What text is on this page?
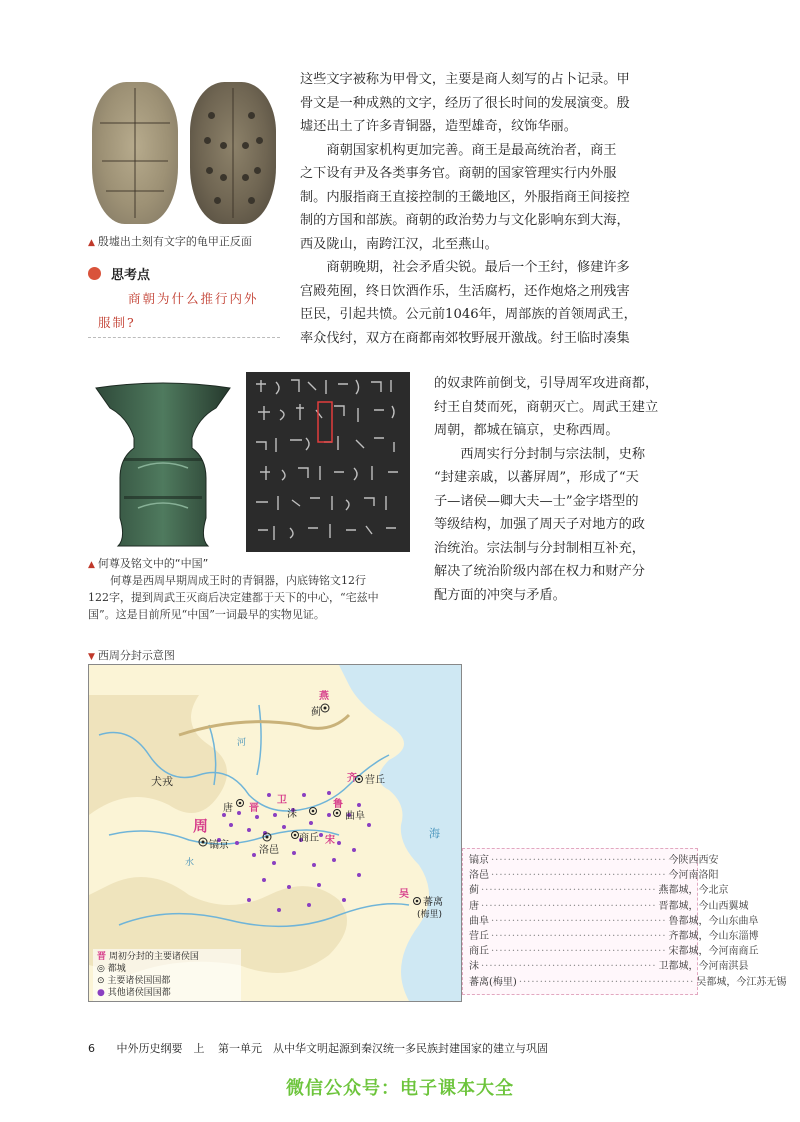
▲ 殷墟出土刻有文字的龟甲正反面
思考点
商朝为什么推行内外
服制?
▲ 何尊及铭文中的“中国”
何尊是西周早期周成王时的青铜器，内底铸铭文12行
122字，提到周武王灭商后决定建都于天下的中心，“宅兹中
国”。这是目前所见“中国”一词最早的实物见证。
这些文字被称为甲骨文，主要是商人刻写的占卜记录。甲
骨文是一种成熟的文字，经历了很长时间的发展演变。殷
墟还出土了许多青铜器，造型雄奇，纹饰华丽。
商朝国家机构更加完善。商王是最高统治者，商王
之下设有尹及各类事务官。商朝的国家管理实行内外服
制。内服指商王直接控制的王畿地区，外服指商王间接控
制的方国和部族。商朝的政治势力与文化影响东到大海，
西及陇山，南跨江汉，北至燕山。
商朝晚期，社会矛盾尖锐。最后一个王纣，修建许多
宫殿苑囿，终日饮酒作乐，生活腐朽，还作炮烙之刑残害
臣民，引起共愤。公元前1046年，周部族的首领周武王，
率众伐纣，双方在商都南郊牧野展开激战。纣王临时凑集
的奴隶阵前倒戈，引导周军攻进商都，
纣王自焚而死，商朝灭亡。周武王建立
周朝，都城在镐京，史称西周。
西周实行分封制与宗法制，史称
“封建亲戚，以蕃屏周”，形成了“天
子—诸侯—卿大夫—士”金字塔型的
等级结构，加强了周天子对地方的政
治统治。宗法制与分封制相互补充，
解决了统治阶级内部在权力和财产分
配方面的冲突与矛盾。
▼ 西周分封示意图
燕
蓟
犬戎	齐 营丘
卫
唐 晋
沫
鲁
曲阜
周
镐京	洛邑
商丘 宋
吴
蕃离
(梅里)
河
水
海
晋 周初分封的主要诸侯国
◎ 都城
⊙ 主要诸侯国国都
● 其他诸侯国国都
镐京 ·········································· 今陕西西安
洛邑 ·········································· 今河南洛阳
蓟 ·········································· 燕都城，今北京
唐 ·········································· 晋都城，今山西翼城
曲阜 ·········································· 鲁都城，今山东曲阜
营丘 ·········································· 齐都城，今山东淄博
商丘 ·········································· 宋都城，今河南商丘
沬 ·········································· 卫都城，今河南淇县
蕃离(梅里) ·········································· 吴都城，今江苏无锡
6 中外历史纲要　上 第一单元　从中华文明起源到秦汉统一多民族封建国家的建立与巩固
微信公众号：电子课本大全
